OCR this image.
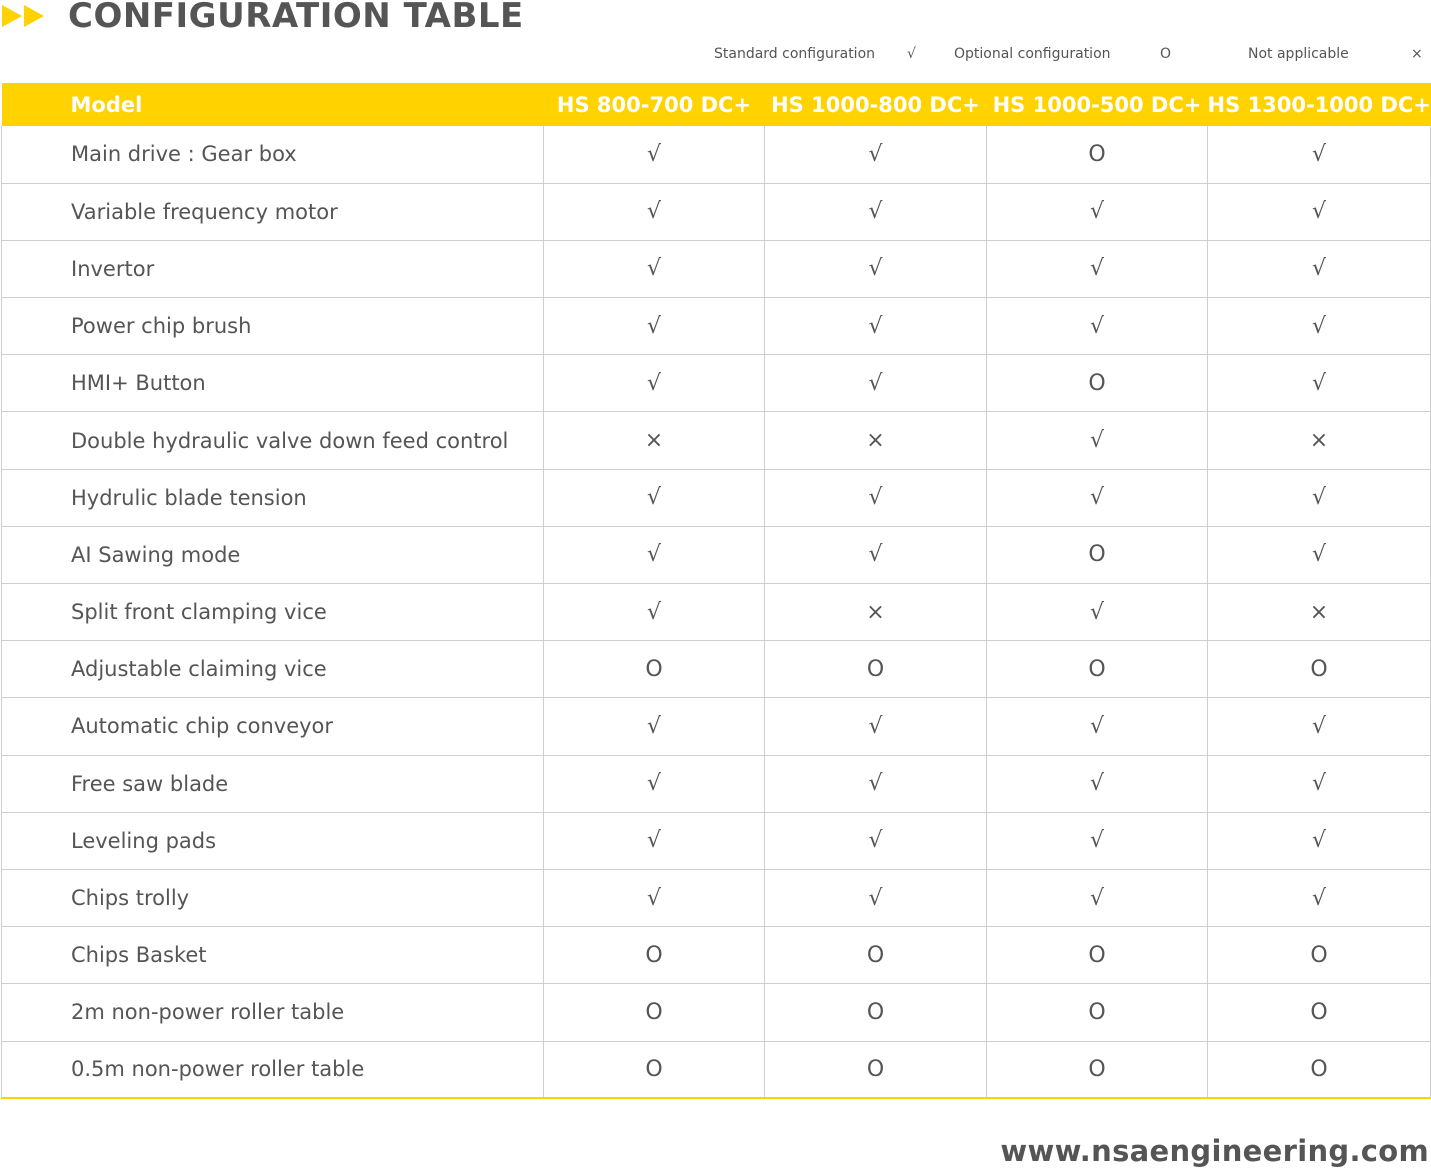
CONFIGURATION TABLE
Standard configuration √	Optional configuration	O	Not applicable	×
Model	HS 800-700 DC+	HS 1000-800 DC+	HS 1000-500 DC+	HS 1300-1000 DC+
Main drive : Gear box	√	√	O	√
Variable frequency motor	√	√	√	√
Invertor	√	√	√	√
Power chip brush	√	√	√	√
HMI+ Button	√	√	O	√
Double hydraulic valve down feed control	×	×	√	×
Hydrulic blade tension	√	√	√	√
AI Sawing mode	√	√	O	√
Split front clamping vice	√	×	√	×
Adjustable claiming vice	O	O	O	O
Automatic chip conveyor	√	√	√	√
Free saw blade	√	√	√	√
Leveling pads	√	√	√	√
Chips trolly	√	√	√	√
Chips Basket	O	O	O	O
2m non-power roller table	O	O	O	O
0.5m non-power roller table	O	O	O	O
www.nsaengineering.com
